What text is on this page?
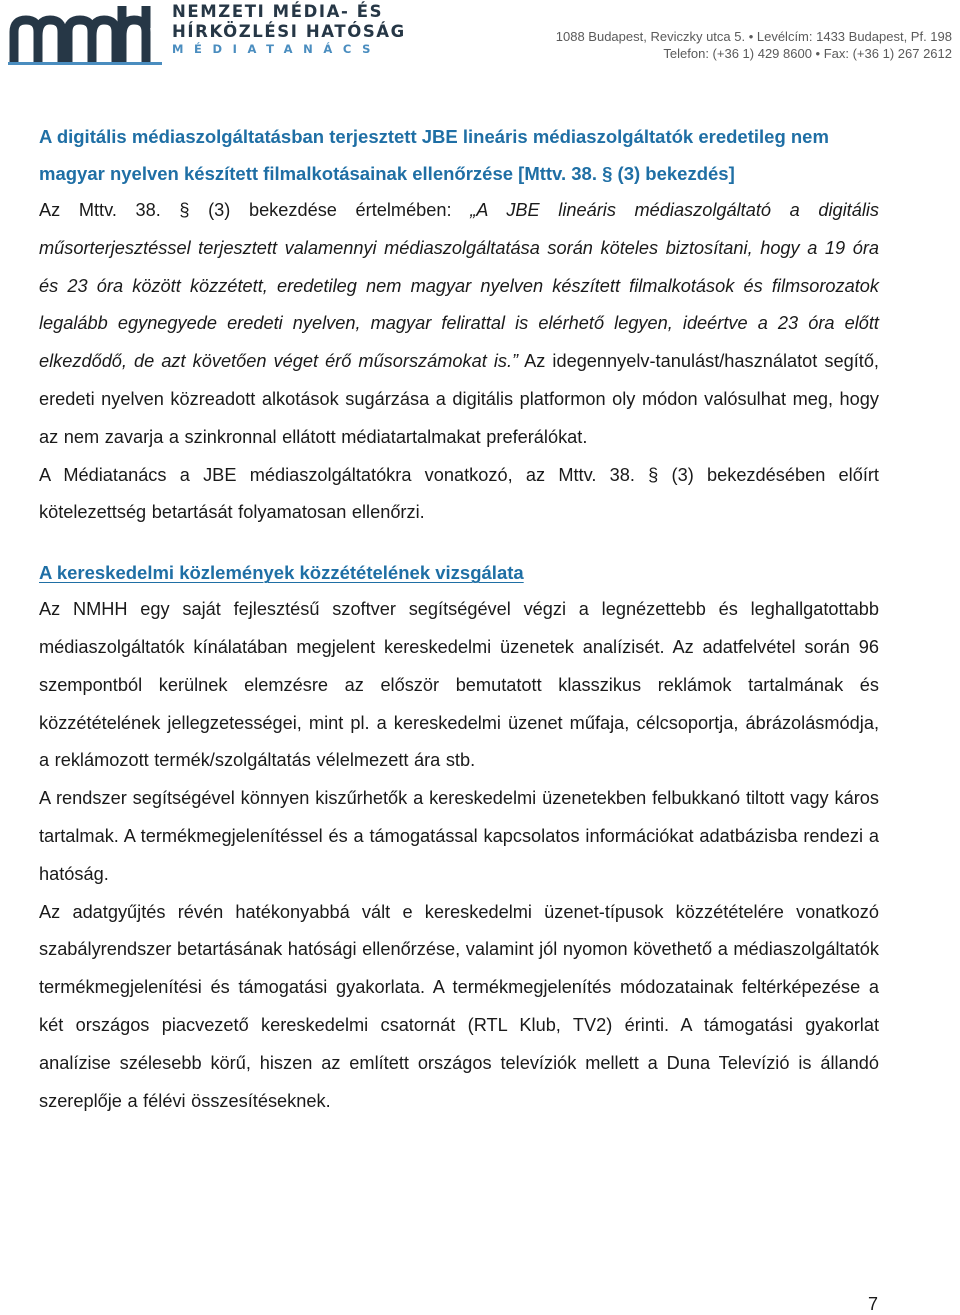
NEMZETI MÉDIA- ÉS
HÍRKÖZLÉSI HATÓSÁG
MÉDIATANÁCS
1088 Budapest, Reviczky utca 5. • Levélcím: 1433 Budapest, Pf. 198
Telefon: (+36 1) 429 8600 • Fax: (+36 1) 267 2612
A digitális médiaszolgáltatásban terjesztett JBE lineáris médiaszolgáltatók eredetileg nem magyar nyelven készített filmalkotásainak ellenőrzése [Mttv. 38. § (3) bekezdés]

Az Mttv. 38. § (3) bekezdése értelmében: „A JBE lineáris médiaszolgáltató a digitális műsorterjesztéssel terjesztett valamennyi médiaszolgáltatása során köteles biztosítani, hogy a 19 óra és 23 óra között közzétett, eredetileg nem magyar nyelven készített filmalkotások és filmsorozatok legalább egynegyede eredeti nyelven, magyar felirattal is elérhető legyen, ideértve a 23 óra előtt elkezdődő, de azt követően véget érő műsorszámokat is.” Az idegennyelv-tanulást/használatot segítő, eredeti nyelven közreadott alkotások sugárzása a digitális platformon oly módon valósulhat meg, hogy az nem zavarja a szinkronnal ellátott médiatartalmakat preferálókat.

A Médiatanács a JBE médiaszolgáltatókra vonatkozó, az Mttv. 38. § (3) bekezdésében előírt kötelezettség betartását folyamatosan ellenőrzi.

A kereskedelmi közlemények közzétételének vizsgálata

Az NMHH egy saját fejlesztésű szoftver segítségével végzi a legnézettebb és leghallgatottabb médiaszolgáltatók kínálatában megjelent kereskedelmi üzenetek analízisét. Az adatfelvétel során 96 szempontból kerülnek elemzésre az először bemutatott klasszikus reklámok tartalmának és közzétételének jellegzetességei, mint pl. a kereskedelmi üzenet műfaja, célcsoportja, ábrázolásmódja, a reklámozott termék/szolgáltatás vélelmezett ára stb.

A rendszer segítségével könnyen kiszűrhetők a kereskedelmi üzenetekben felbukkanó tiltott vagy káros tartalmak. A termékmegjelenítéssel és a támogatással kapcsolatos információkat adatbázisba rendezi a hatóság.

Az adatgyűjtés révén hatékonyabbá vált e kereskedelmi üzenet-típusok közzétételére vonatkozó szabályrendszer betartásának hatósági ellenőrzése, valamint jól nyomon követhető a médiaszolgáltatók termékmegjelenítési és támogatási gyakorlata. A termékmegjelenítés módozatainak feltérképezése a két országos piacvezető kereskedelmi csatornát (RTL Klub, TV2) érinti. A támogatási gyakorlat analízise szélesebb körű, hiszen az említett országos televíziók mellett a Duna Televízió is állandó szereplője a félévi összesítéseknek.

7
